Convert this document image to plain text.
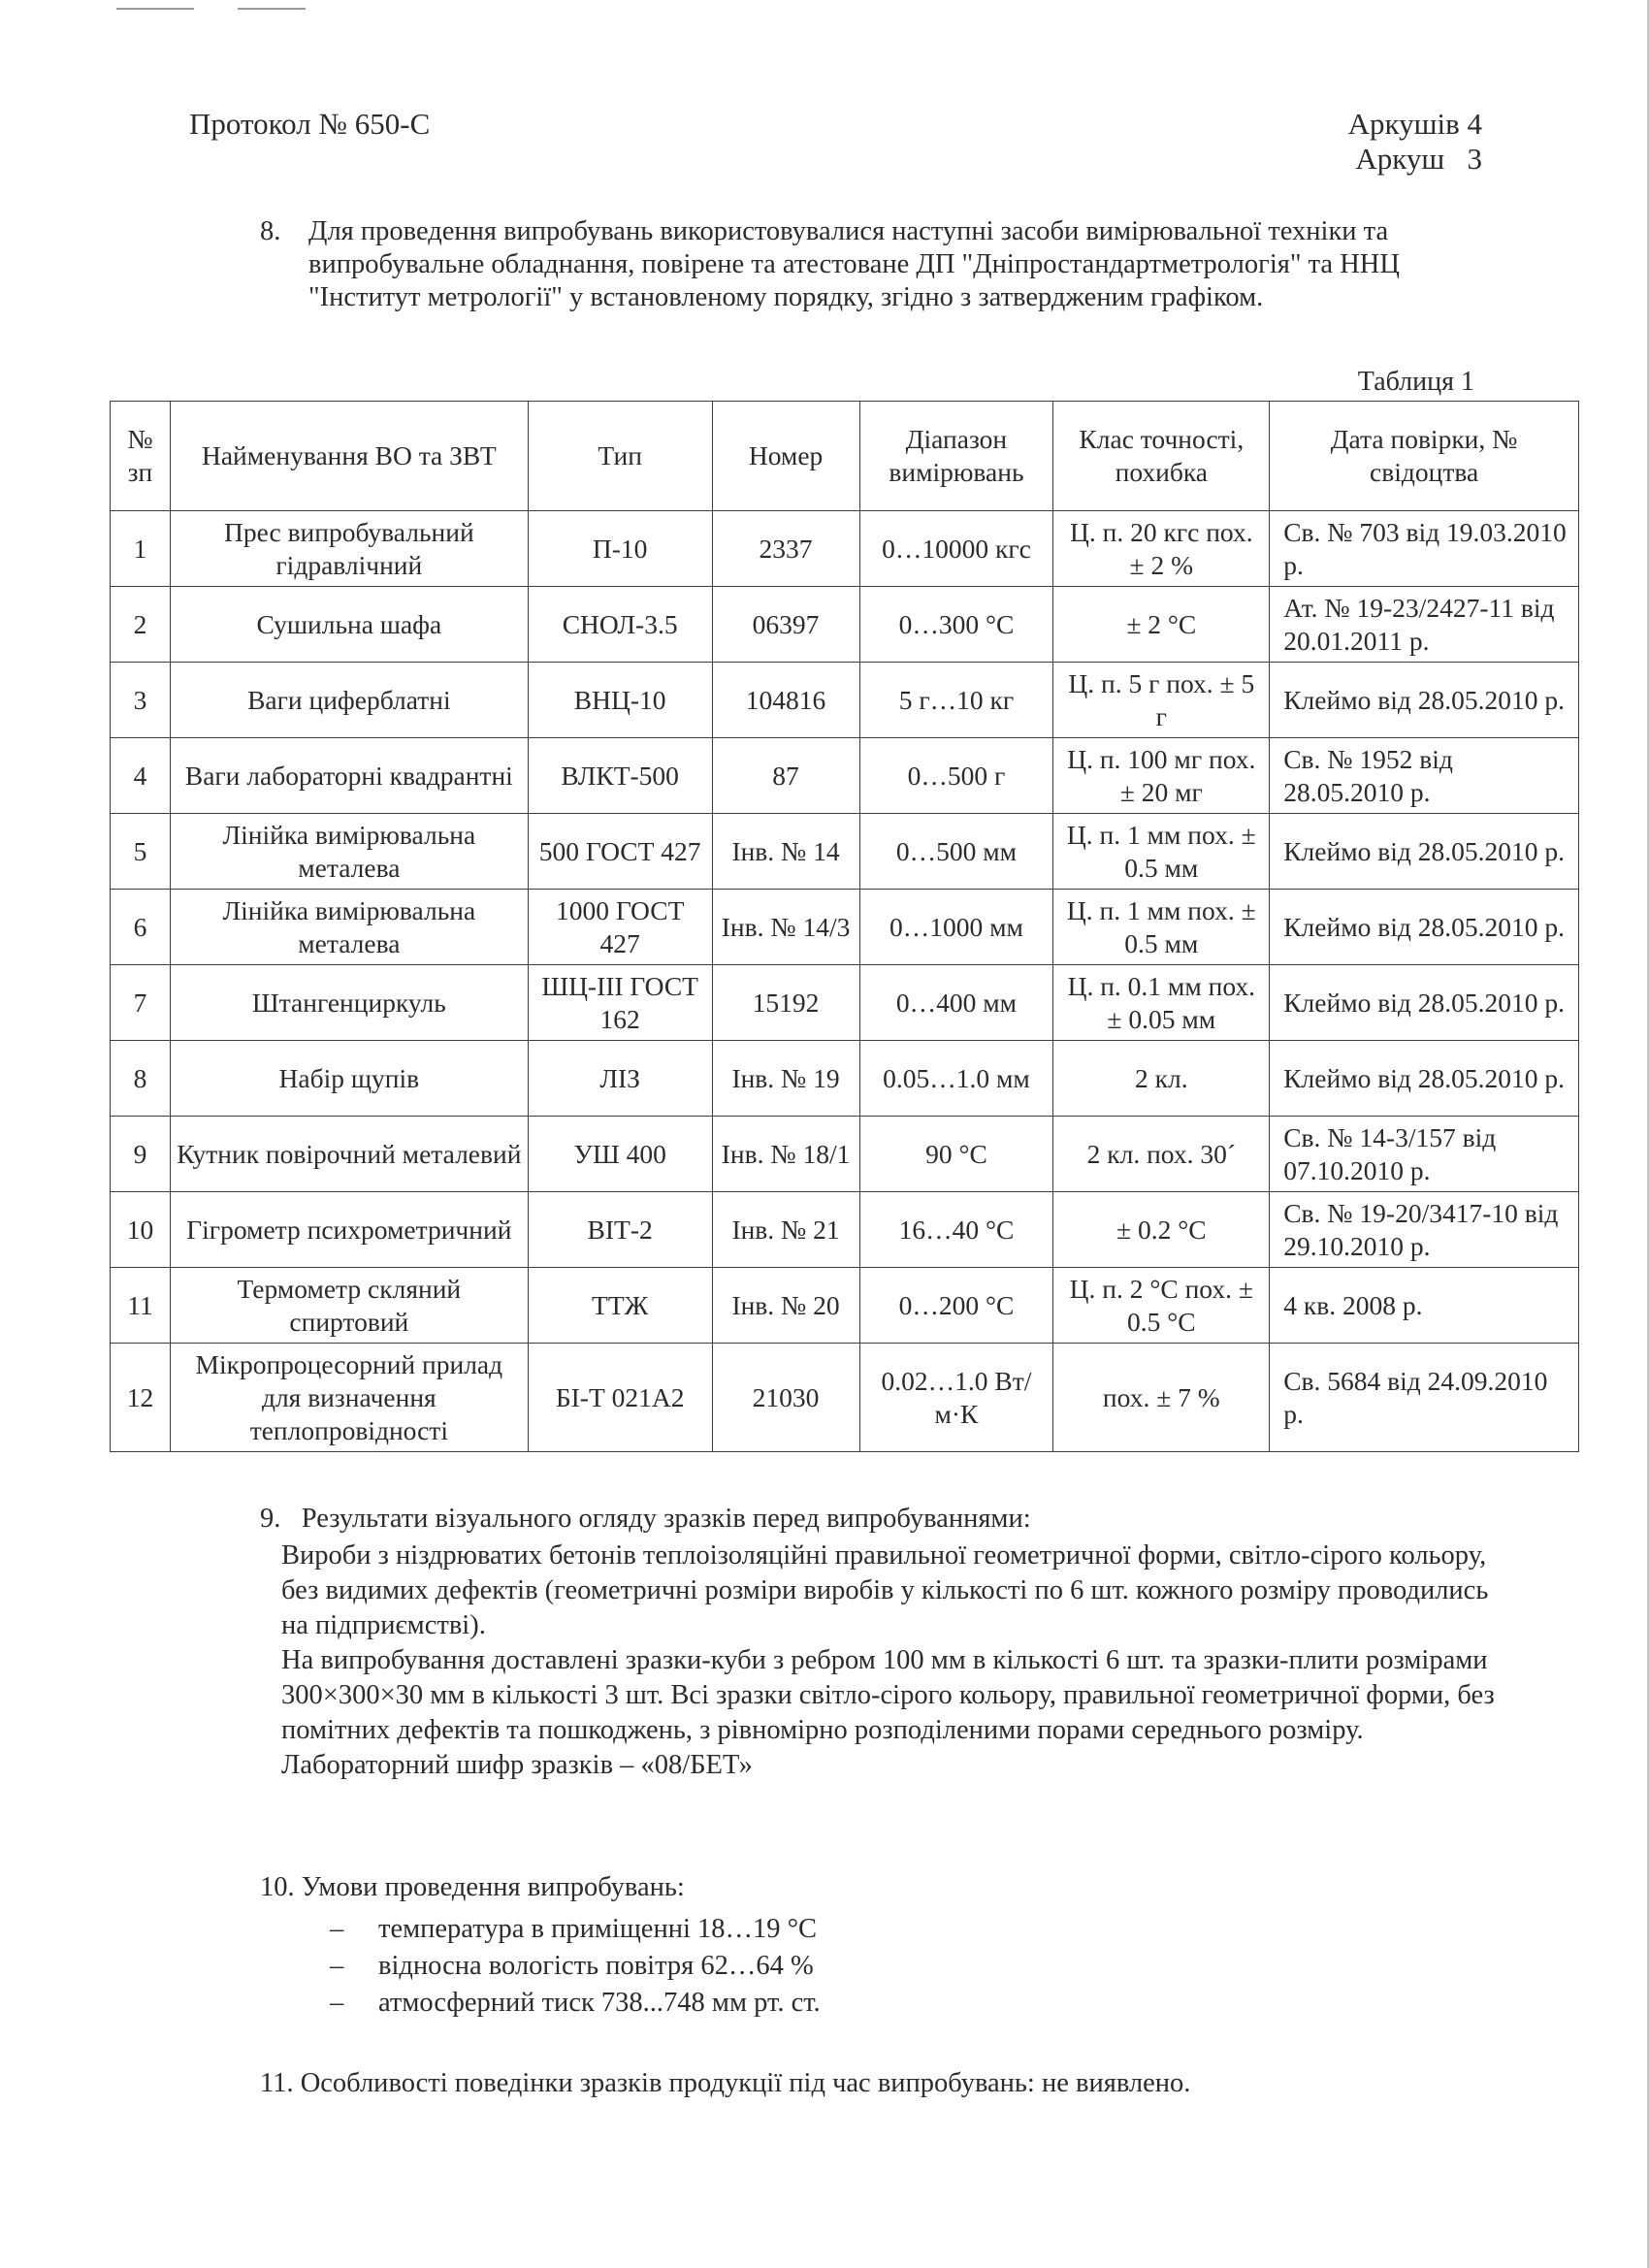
Протокол № 650-С	Аркушів 4
Аркуш   3
8. Для проведення випробувань використовувалися наступні засоби вимірювальної техніки та випробувальне обладнання, повірене та атестоване ДП "Дніпростандартметрологія" та ННЦ "Інститут метрології" у встановленому порядку, згідно з затвердженим графіком.
Таблиця 1
№ зп	Найменування ВО та ЗВТ	Тип	Номер	Діапазон вимірювань	Клас точності, похибка	Дата повірки, № свідоцтва
1	Прес випробувальний гідравлічний	П-10	2337	0…10000 кгс	Ц. п. 20 кгс пох. ± 2 %	Св. № 703 від 19.03.2010 р.
2	Сушильна шафа	СНОЛ-3.5	06397	0…300 °С	± 2 °С	Ат. № 19-23/2427-11 від 20.01.2011 р.
3	Ваги циферблатні	ВНЦ-10	104816	5 г…10 кг	Ц. п. 5 г пох. ± 5 г	Клеймо від 28.05.2010 р.
4	Ваги лабораторні квадрантні	ВЛКТ-500	87	0…500 г	Ц. п. 100 мг пох. ± 20 мг	Св. № 1952 від 28.05.2010 р.
5	Лінійка вимірювальна металева	500 ГОСТ 427	Інв. № 14	0…500 мм	Ц. п. 1 мм пох. ± 0.5 мм	Клеймо від 28.05.2010 р.
6	Лінійка вимірювальна металева	1000 ГОСТ 427	Інв. № 14/3	0…1000 мм	Ц. п. 1 мм пох. ± 0.5 мм	Клеймо від 28.05.2010 р.
7	Штангенциркуль	ШЦ-ІІІ ГОСТ 162	15192	0…400 мм	Ц. п. 0.1 мм пох. ± 0.05 мм	Клеймо від 28.05.2010 р.
8	Набір щупів	ЛІЗ	Інв. № 19	0.05…1.0 мм	2 кл.	Клеймо від 28.05.2010 р.
9	Кутник повірочний металевий	УШ 400	Інв. № 18/1	90 °С	2 кл. пох. 30´	Св. № 14-3/157 від 07.10.2010 р.
10	Гігрометр психрометричний	ВІТ-2	Інв. № 21	16…40 °С	± 0.2 °С	Св. № 19-20/3417-10 від 29.10.2010 р.
11	Термометр скляний спиртовий	ТТЖ	Інв. № 20	0…200 °С	Ц. п. 2 °С пох. ± 0.5 °С	4 кв. 2008 р.
12	Мікропроцесорний прилад для визначення теплопровідності	БІ-Т 021А2	21030	0.02…1.0 Вт/м·К	пох. ± 7 %	Св. 5684 від 24.09.2010 р.
9.   Результати візуального огляду зразків перед випробуваннями:

Вироби з ніздрюватих бетонів теплоізоляційні правильної геометричної форми, світло-сірого кольору, без видимих дефектів (геометричні розміри виробів у кількості по 6 шт. кожного розміру проводились на підприємстві).

На випробування доставлені зразки-куби з ребром 100 мм в кількості 6 шт. та зразки-плити розмірами 300×300×30 мм в кількості 3 шт. Всі зразки світло-сірого кольору, правильної геометричної форми, без помітних дефектів та пошкоджень, з рівномірно розподіленими порами середнього розміру.

Лабораторний шифр зразків – «08/БЕТ»

10. Умови проведення випробувань:
– температура в приміщенні 18…19 °С
– відносна вологість повітря 62…64 %
– атмосферний тиск 738...748 мм рт. ст.
11. Особливості поведінки зразків продукції під час випробувань: не виявлено.
